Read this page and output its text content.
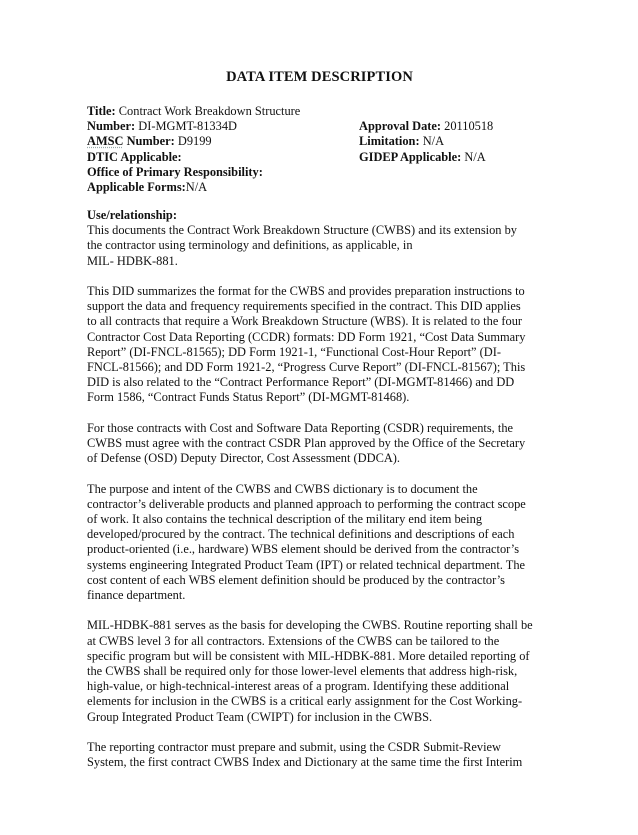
DATA ITEM DESCRIPTION
Title: Contract Work Breakdown Structure
Number: DI-MGMT-81334D	Approval Date: 20110518
AMSC Number: D9199	Limitation: N/A
DTIC Applicable:	GIDEP Applicable: N/A
Office of Primary Responsibility:
Applicable Forms:N/A
Use/relationship:

This documents the Contract Work Breakdown Structure (CWBS) and its extension by
the contractor using terminology and definitions, as applicable, in
MIL- HDBK-881.

This DID summarizes the format for the CWBS and provides preparation instructions to
support the data and frequency requirements specified in the contract. This DID applies
to all contracts that require a Work Breakdown Structure (WBS). It is related to the four
Contractor Cost Data Reporting (CCDR) formats: DD Form 1921, “Cost Data Summary
Report” (DI-FNCL-81565); DD Form 1921-1, “Functional Cost-Hour Report” (DI-
FNCL-81566); and DD Form 1921-2, “Progress Curve Report” (DI-FNCL-81567); This
DID is also related to the “Contract Performance Report” (DI-MGMT-81466) and DD
Form 1586, “Contract Funds Status Report” (DI-MGMT-81468).

For those contracts with Cost and Software Data Reporting (CSDR) requirements, the
CWBS must agree with the contract CSDR Plan approved by the Office of the Secretary
of Defense (OSD) Deputy Director, Cost Assessment (DDCA).

The purpose and intent of the CWBS and CWBS dictionary is to document the
contractor’s deliverable products and planned approach to performing the contract scope
of work. It also contains the technical description of the military end item being
developed/procured by the contract. The technical definitions and descriptions of each
product-oriented (i.e., hardware) WBS element should be derived from the contractor’s
systems engineering Integrated Product Team (IPT) or related technical department. The
cost content of each WBS element definition should be produced by the contractor’s
finance department.

MIL-HDBK-881 serves as the basis for developing the CWBS. Routine reporting shall be
at CWBS level 3 for all contractors. Extensions of the CWBS can be tailored to the
specific program but will be consistent with MIL-HDBK-881. More detailed reporting of
the CWBS shall be required only for those lower-level elements that address high-risk,
high-value, or high-technical-interest areas of a program. Identifying these additional
elements for inclusion in the CWBS is a critical early assignment for the Cost Working-
Group Integrated Product Team (CWIPT) for inclusion in the CWBS.

The reporting contractor must prepare and submit, using the CSDR Submit-Review
System, the first contract CWBS Index and Dictionary at the same time the first Interim
